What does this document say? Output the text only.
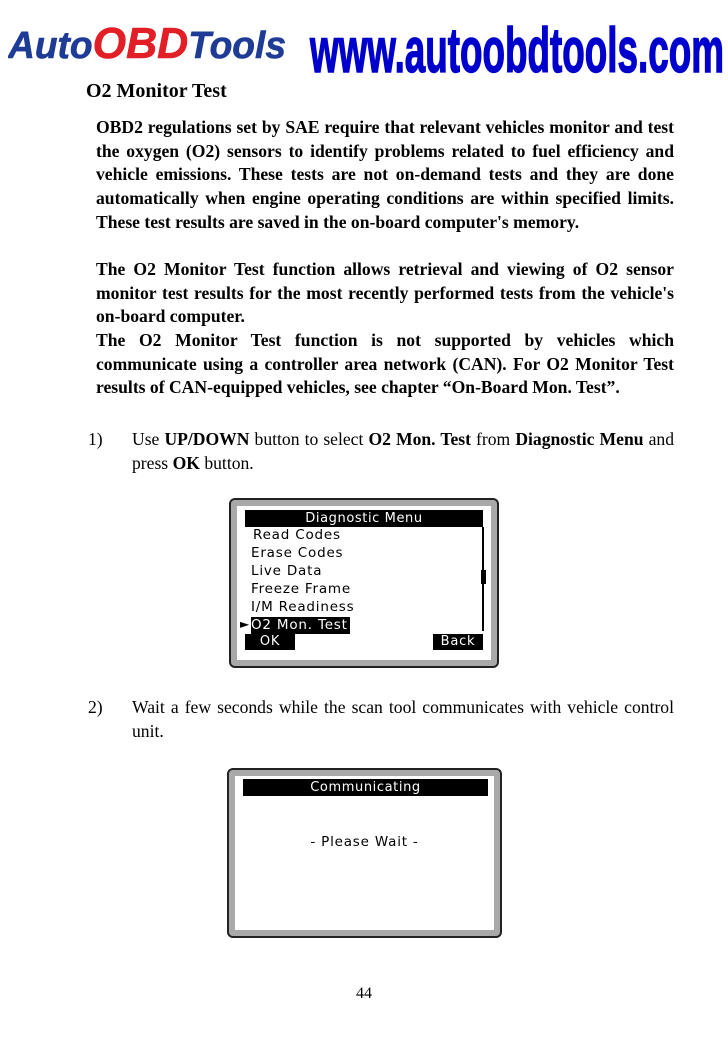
AutoOBDTools www.autoobdtools.com
O2 Monitor Test

OBD2 regulations set by SAE require that relevant vehicles monitor and test the oxygen (O2) sensors to identify problems related to fuel efficiency and vehicle emissions. These tests are not on-demand tests and they are done automatically when engine operating conditions are within specified limits. These test results are saved in the on-board computer's memory.

The O2 Monitor Test function allows retrieval and viewing of O2 sensor monitor test results for the most recently performed tests from the vehicle's on-board computer.

The O2 Monitor Test function is not supported by vehicles which communicate using a controller area network (CAN). For O2 Monitor Test results of CAN-equipped vehicles, see chapter “On-Board Mon. Test”.

1) Use UP/DOWN button to select O2 Mon. Test from Diagnostic Menu and press OK button.
Diagnostic Menu
Read Codes
Erase Codes
Live Data
Freeze Frame
I/M Readiness
► O2 Mon. Test
OK	Back
2) Wait a few seconds while the scan tool communicates with vehicle control unit.
Communicating
- Please Wait -
44
